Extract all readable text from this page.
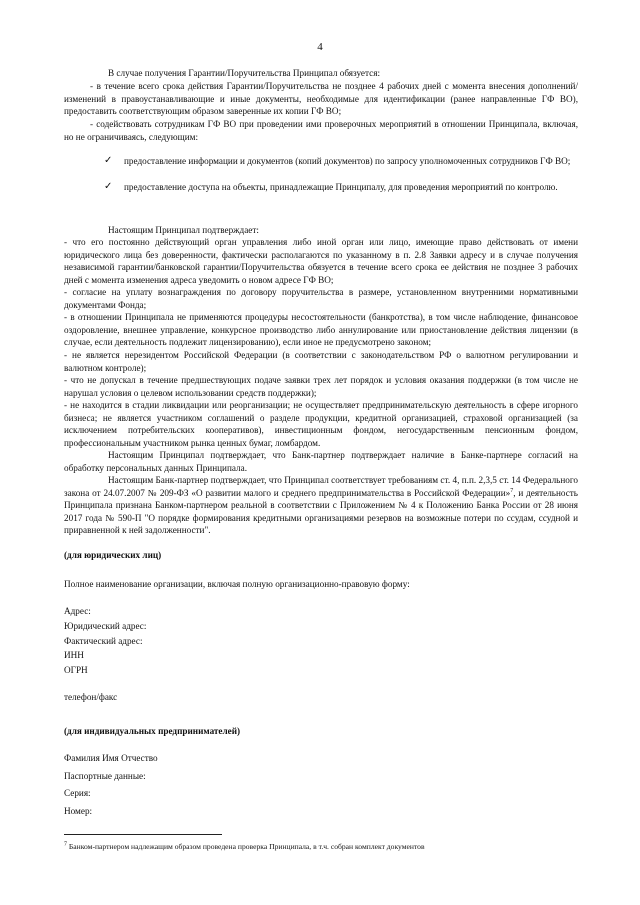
4

В случае получения Гарантии/Поручительства Принципал обязуется:

- в течение всего срока действия Гарантии/Поручительства не позднее 4 рабочих дней с момента внесения дополнений/изменений в правоустанавливающие и иные документы, необходимые для идентификации (ранее направленные ГФ ВО), предоставить соответствующим образом заверенные их копии ГФ ВО;

- содействовать сотрудникам ГФ ВО при проведении ими проверочных мероприятий в отношении Принципала, включая, но не ограничиваясь, следующим:

✓ предоставление информации и документов (копий документов) по запросу уполномоченных сотрудников ГФ ВО;
✓ предоставление доступа на объекты, принадлежащие Принципалу, для проведения мероприятий по контролю.

Настоящим Принципал подтверждает:

- что его постоянно действующий орган управления либо иной орган или лицо, имеющие право действовать от имени юридического лица без доверенности, фактически располагаются по указанному в п. 2.8 Заявки адресу и в случае получения независимой гарантии/банковской гарантии/Поручительства обязуется в течение всего срока ее действия не позднее 3 рабочих дней с момента изменения адреса уведомить о новом адресе ГФ ВО;

- согласие на уплату вознаграждения по договору поручительства в размере, установленном внутренними нормативными документами Фонда;

- в отношении Принципала не применяются процедуры несостоятельности (банкротства), в том числе наблюдение, финансовое оздоровление, внешнее управление, конкурсное производство либо аннулирование или приостановление действия лицензии (в случае, если деятельность подлежит лицензированию), если иное не предусмотрено законом;

- не является нерезидентом Российской Федерации (в соответствии с законодательством РФ о валютном регулировании и валютном контроле);

- что не допускал в течение предшествующих подаче заявки трех лет порядок и условия оказания поддержки (в том числе не нарушал условия о целевом использовании средств поддержки);

- не находится в стадии ликвидации или реорганизации; не осуществляет предпринимательскую деятельность в сфере игорного бизнеса; не является участником соглашений о разделе продукции, кредитной организацией, страховой организацией (за исключением потребительских кооперативов), инвестиционным фондом, негосударственным пенсионным фондом, профессиональным участником рынка ценных бумаг, ломбардом.

Настоящим Принципал подтверждает, что Банк-партнер подтверждает наличие в Банке-партнере согласий на обработку персональных данных Принципала.

Настоящим Банк-партнер подтверждает, что Принципал соответствует требованиям ст. 4, п.п. 2,3,5 ст. 14 Федерального закона от 24.07.2007 № 209-ФЗ «О развитии малого и среднего предпринимательства в Российской Федерации»$^7$, и деятельность Принципала признана Банком-партнером реальной в соответствии с Приложением № 4 к Положению Банка России от 28 июня 2017 года № 590-П "О порядке формирования кредитными организациями резервов на возможные потери по ссудам, ссудной и приравненной к ней задолженности".

(для юридических лиц)
Полное наименование организации, включая полную организационно-правовую форму:
Адрес:
Юридический адрес:
Фактический адрес:
ИНН
ОГРН
телефон/факс
(для индивидуальных предпринимателей)
Фамилия Имя Отчество
Паспортные данные:
Серия:
Номер:
$^7$ Банком-партнером надлежащим образом проведена проверка Принципала, в т.ч. собран комплект документов
